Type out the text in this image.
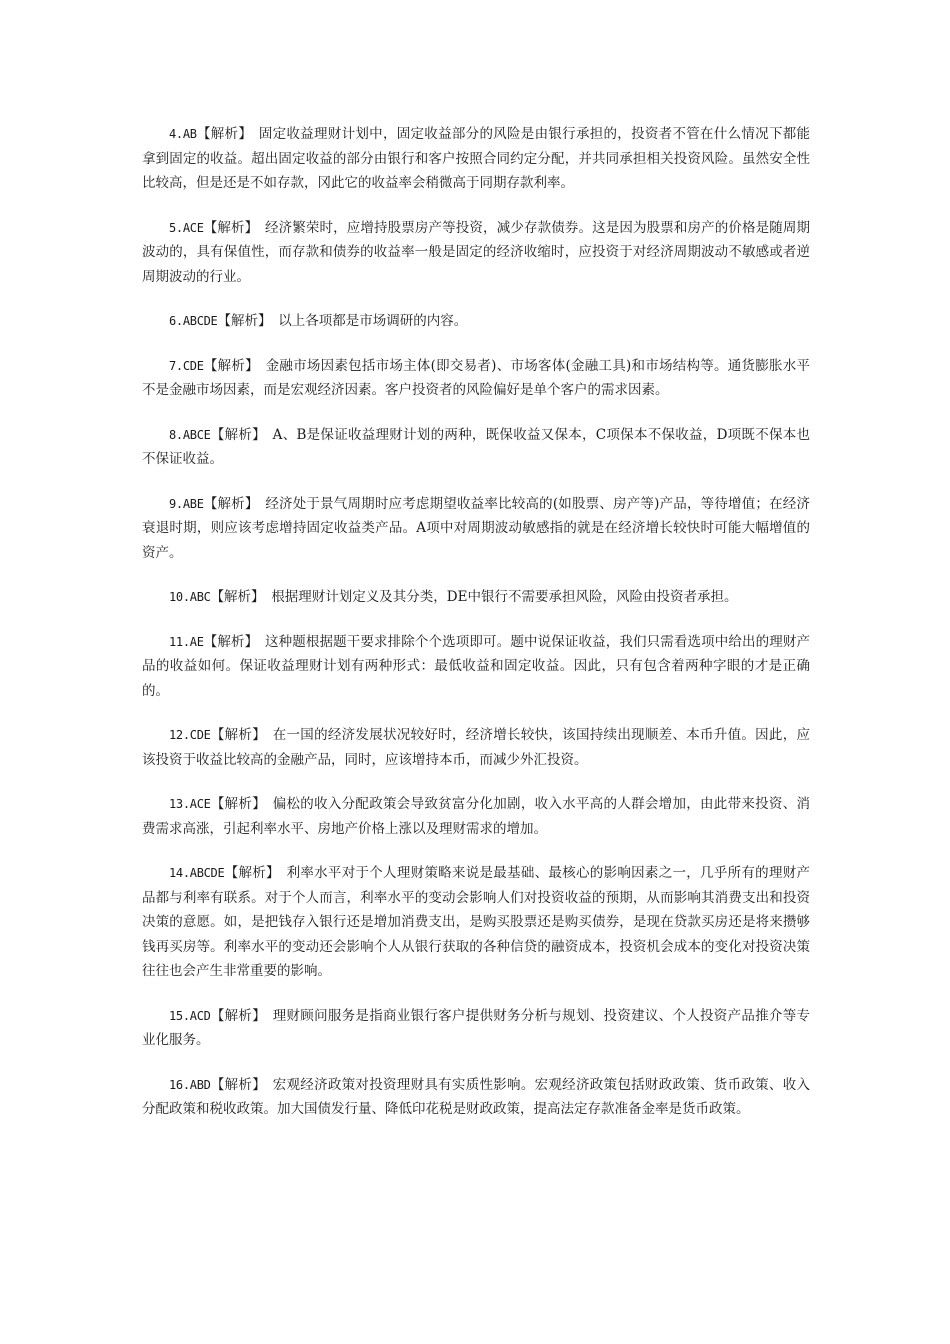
4.AB【解析】 固定收益理财计划中，固定收益部分的风险是由银行承担的，投资者不管在什么情况下都能拿到固定的收益。超出固定收益的部分由银行和客户按照合同约定分配，并共同承担相关投资风险。虽然安全性比较高，但是还是不如存款，冈此它的收益率会稍微高于同期存款利率。

5.ACE【解析】 经济繁荣时，应增持股票房产等投资，减少存款债券。这是因为股票和房产的价格是随周期波动的，具有保值性，而存款和债券的收益率一般是固定的经济收缩时，应投资于对经济周期波动不敏感或者逆周期波动的行业。

6.ABCDE【解析】 以上各项都是市场调研的内容。

7.CDE【解析】 金融市场因素包括市场主体(即交易者)、市场客体(金融工具)和市场结构等。通货膨胀水平不是金融市场因素，而是宏观经济因素。客户投资者的风险偏好是单个客户的需求因素。

8.ABCE【解析】 A、B是保证收益理财计划的两种，既保收益又保本，C项保本不保收益，D项既不保本也不保证收益。

9.ABE【解析】 经济处于景气周期时应考虑期望收益率比较高的(如股票、房产等)产品，等待增值；在经济衰退时期，则应该考虑增持固定收益类产品。A项中对周期波动敏感指的就是在经济增长较快时可能大幅增值的资产。

10.ABC【解析】 根据理财计划定义及其分类，DE中银行不需要承担风险，风险由投资者承担。

11.AE【解析】 这种题根据题干要求排除个个选项即可。题中说保证收益，我们只需看选项中给出的理财产品的收益如何。保证收益理财计划有两种形式：最低收益和固定收益。因此，只有包含着两种字眼的才是正确的。

12.CDE【解析】 在一国的经济发展状况较好时，经济增长较快，该国持续出现顺差、本币升值。因此，应该投资于收益比较高的金融产品，同时，应该增持本币，而减少外汇投资。

13.ACE【解析】 偏松的收入分配政策会导致贫富分化加剧，收入水平高的人群会增加，由此带来投资、消费需求高涨，引起利率水平、房地产价格上涨以及理财需求的增加。

14.ABCDE【解析】 利率水平对于个人理财策略来说是最基础、最核心的影响因素之一，几乎所有的理财产品都与利率有联系。对于个人而言，利率水平的变动会影响人们对投资收益的预期，从而影响其消费支出和投资决策的意愿。如，是把钱存入银行还是增加消费支出，是购买股票还是购买债券，是现在贷款买房还是将来攒够钱再买房等。利率水平的变动还会影响个人从银行获取的各种信贷的融资成本，投资机会成本的变化对投资决策往往也会产生非常重要的影响。

15.ACD【解析】 理财顾问服务是指商业银行客户提供财务分析与规划、投资建议、个人投资产品推介等专业化服务。

16.ABD【解析】 宏观经济政策对投资理财具有实质性影响。宏观经济政策包括财政政策、货币政策、收入分配政策和税收政策。加大国债发行量、降低印花税是财政政策，提高法定存款准备金率是货币政策。
